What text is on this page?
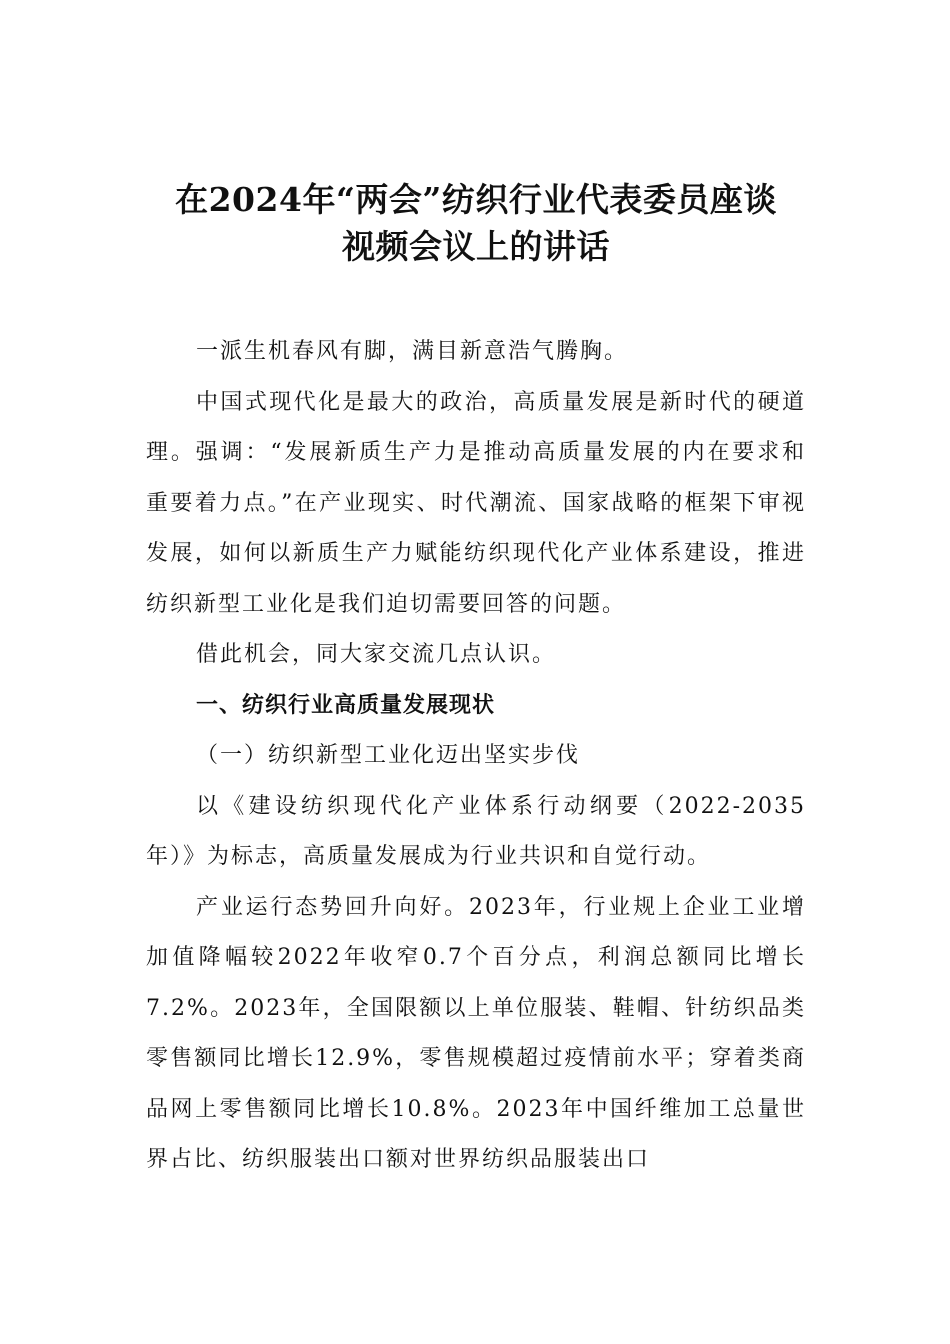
在2024年“两会”纺织行业代表委员座谈
视频会议上的讲话

一派生机春风有脚，满目新意浩气腾胸。

中国式现代化是最大的政治，高质量发展是新时代的硬道理。强调：“发展新质生产力是推动高质量发展的内在要求和重要着力点。”在产业现实、时代潮流、国家战略的框架下审视发展，如何以新质生产力赋能纺织现代化产业体系建设，推进纺织新型工业化是我们迫切需要回答的问题。

借此机会，同大家交流几点认识。

一、纺织行业高质量发展现状

（一）纺织新型工业化迈出坚实步伐

以《建设纺织现代化产业体系行动纲要（2022-2035年）》为标志，高质量发展成为行业共识和自觉行动。

产业运行态势回升向好。2023年，行业规上企业工业增加值降幅较2022年收窄0.7个百分点，利润总额同比增长7.2%。2023年，全国限额以上单位服装、鞋帽、针纺织品类零售额同比增长12.9%，零售规模超过疫情前水平；穿着类商品网上零售额同比增长10.8%。2023年中国纤维加工总量世界占比、纺织服装出口额对世界纺织品服装出口
